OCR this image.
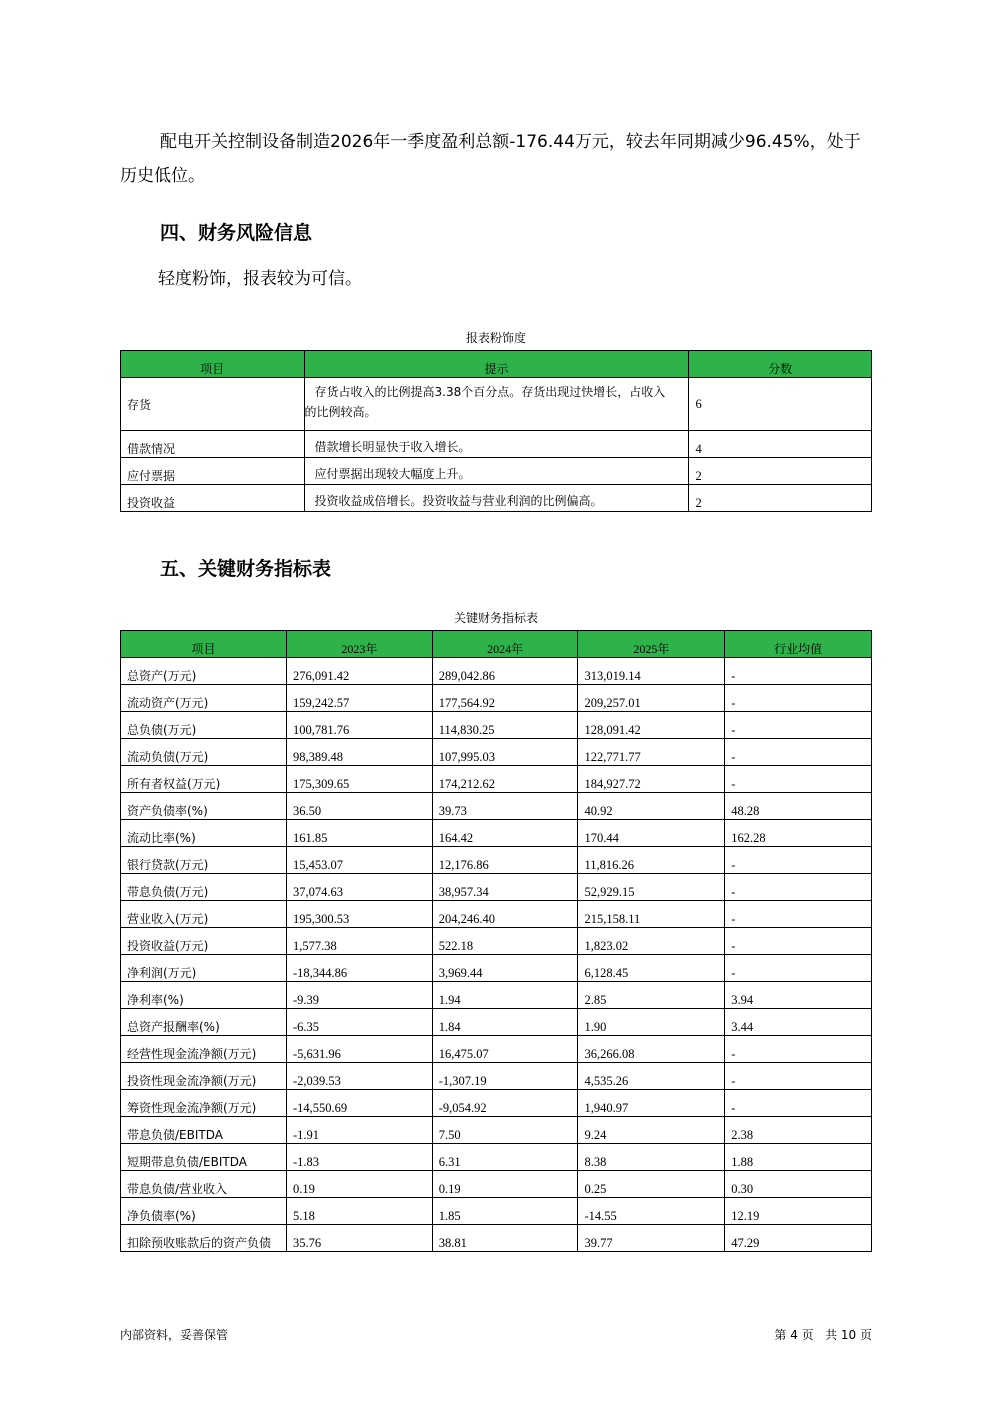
配电开关控制设备制造2026年一季度盈利总额-176.44万元，较去年同期减少96.45%，处于
历史低位。
四、财务风险信息
轻度粉饰，报表较为可信。
报表粉饰度
项目	提示	分数
存货	存货占收入的比例提高3.38个百分点。存货出现过快增长，占收入
的比例较高。	6
借款情况	借款增长明显快于收入增长。	4
应付票据	应付票据出现较大幅度上升。	2
投资收益	投资收益成倍增长。投资收益与营业利润的比例偏高。	2
五、关键财务指标表
关键财务指标表
项目	2023年	2024年	2025年	行业均值
总资产(万元)	276,091.42	289,042.86	313,019.14	-
流动资产(万元)	159,242.57	177,564.92	209,257.01	-
总负债(万元)	100,781.76	114,830.25	128,091.42	-
流动负债(万元)	98,389.48	107,995.03	122,771.77	-
所有者权益(万元)	175,309.65	174,212.62	184,927.72	-
资产负债率(%)	36.50	39.73	40.92	48.28
流动比率(%)	161.85	164.42	170.44	162.28
银行贷款(万元)	15,453.07	12,176.86	11,816.26	-
带息负债(万元)	37,074.63	38,957.34	52,929.15	-
营业收入(万元)	195,300.53	204,246.40	215,158.11	-
投资收益(万元)	1,577.38	522.18	1,823.02	-
净利润(万元)	-18,344.86	3,969.44	6,128.45	-
净利率(%)	-9.39	1.94	2.85	3.94
总资产报酬率(%)	-6.35	1.84	1.90	3.44
经营性现金流净额(万元)	-5,631.96	16,475.07	36,266.08	-
投资性现金流净额(万元)	-2,039.53	-1,307.19	4,535.26	-
筹资性现金流净额(万元)	-14,550.69	-9,054.92	1,940.97	-
带息负债/EBITDA	-1.91	7.50	9.24	2.38
短期带息负债/EBITDA	-1.83	6.31	8.38	1.88
带息负债/营业收入	0.19	0.19	0.25	0.30
净负债率(%)	5.18	1.85	-14.55	12.19
扣除预收账款后的资产负债	35.76	38.81	39.77	47.29
内部资料，妥善保管	第 4 页   共 10 页
